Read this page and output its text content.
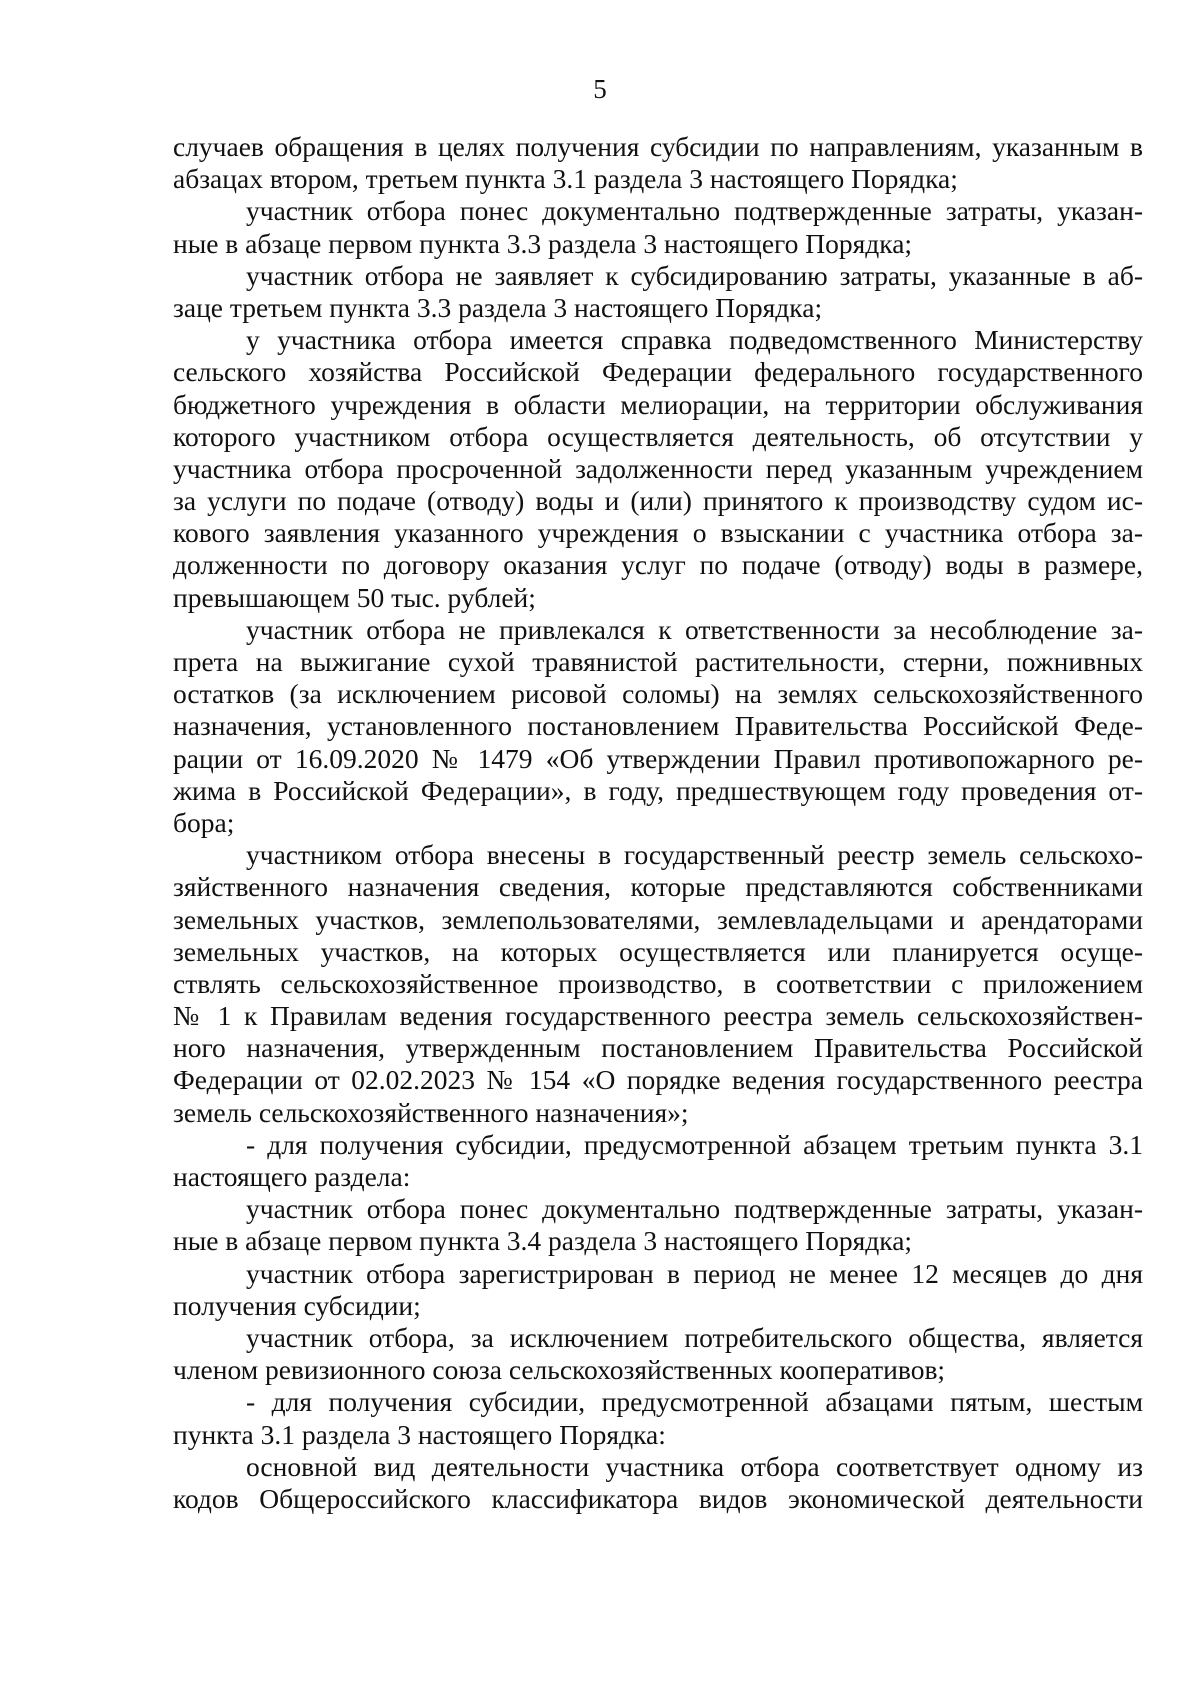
5
случаев обращения в целях получения субсидии по направлениям, указанным в
абзацах втором, третьем пункта 3.1 раздела 3 настоящего Порядка;
участник отбора понес документально подтвержденные затраты, указан-
ные в абзаце первом пункта 3.3 раздела 3 настоящего Порядка;
участник отбора не заявляет к субсидированию затраты, указанные в аб-
заце третьем пункта 3.3 раздела 3 настоящего Порядка;
у участника отбора имеется справка подведомственного Министерству
сельского хозяйства Российской Федерации федерального государственного
бюджетного учреждения в области мелиорации, на территории обслуживания
которого участником отбора осуществляется деятельность, об отсутствии у
участника отбора просроченной задолженности перед указанным учреждением
за услуги по подаче (отводу) воды и (или) принятого к производству судом ис-
кового заявления указанного учреждения о взыскании с участника отбора за-
долженности по договору оказания услуг по подаче (отводу) воды в размере,
превышающем 50 тыс. рублей;
участник отбора не привлекался к ответственности за несоблюдение за-
прета на выжигание сухой травянистой растительности, стерни, пожнивных
остатков (за исключением рисовой соломы) на землях сельскохозяйственного
назначения, установленного постановлением Правительства Российской Феде-
рации от 16.09.2020 № 1479 «Об утверждении Правил противопожарного ре-
жима в Российской Федерации», в году, предшествующем году проведения от-
бора;
участником отбора внесены в государственный реестр земель сельскохо-
зяйственного назначения сведения, которые представляются собственниками
земельных участков, землепользователями, землевладельцами и арендаторами
земельных участков, на которых осуществляется или планируется осуще-
ствлять сельскохозяйственное производство, в соответствии с приложением
№ 1 к Правилам ведения государственного реестра земель сельскохозяйствен-
ного назначения, утвержденным постановлением Правительства Российской
Федерации от 02.02.2023 № 154 «О порядке ведения государственного реестра
земель сельскохозяйственного назначения»;
- для получения субсидии, предусмотренной абзацем третьим пункта 3.1
настоящего раздела:
участник отбора понес документально подтвержденные затраты, указан-
ные в абзаце первом пункта 3.4 раздела 3 настоящего Порядка;
участник отбора зарегистрирован в период не менее 12 месяцев до дня
получения субсидии;
участник отбора, за исключением потребительского общества, является
членом ревизионного союза сельскохозяйственных кооперативов;
- для получения субсидии, предусмотренной абзацами пятым, шестым
пункта 3.1 раздела 3 настоящего Порядка:
основной вид деятельности участника отбора соответствует одному из
кодов Общероссийского классификатора видов экономической деятельности
